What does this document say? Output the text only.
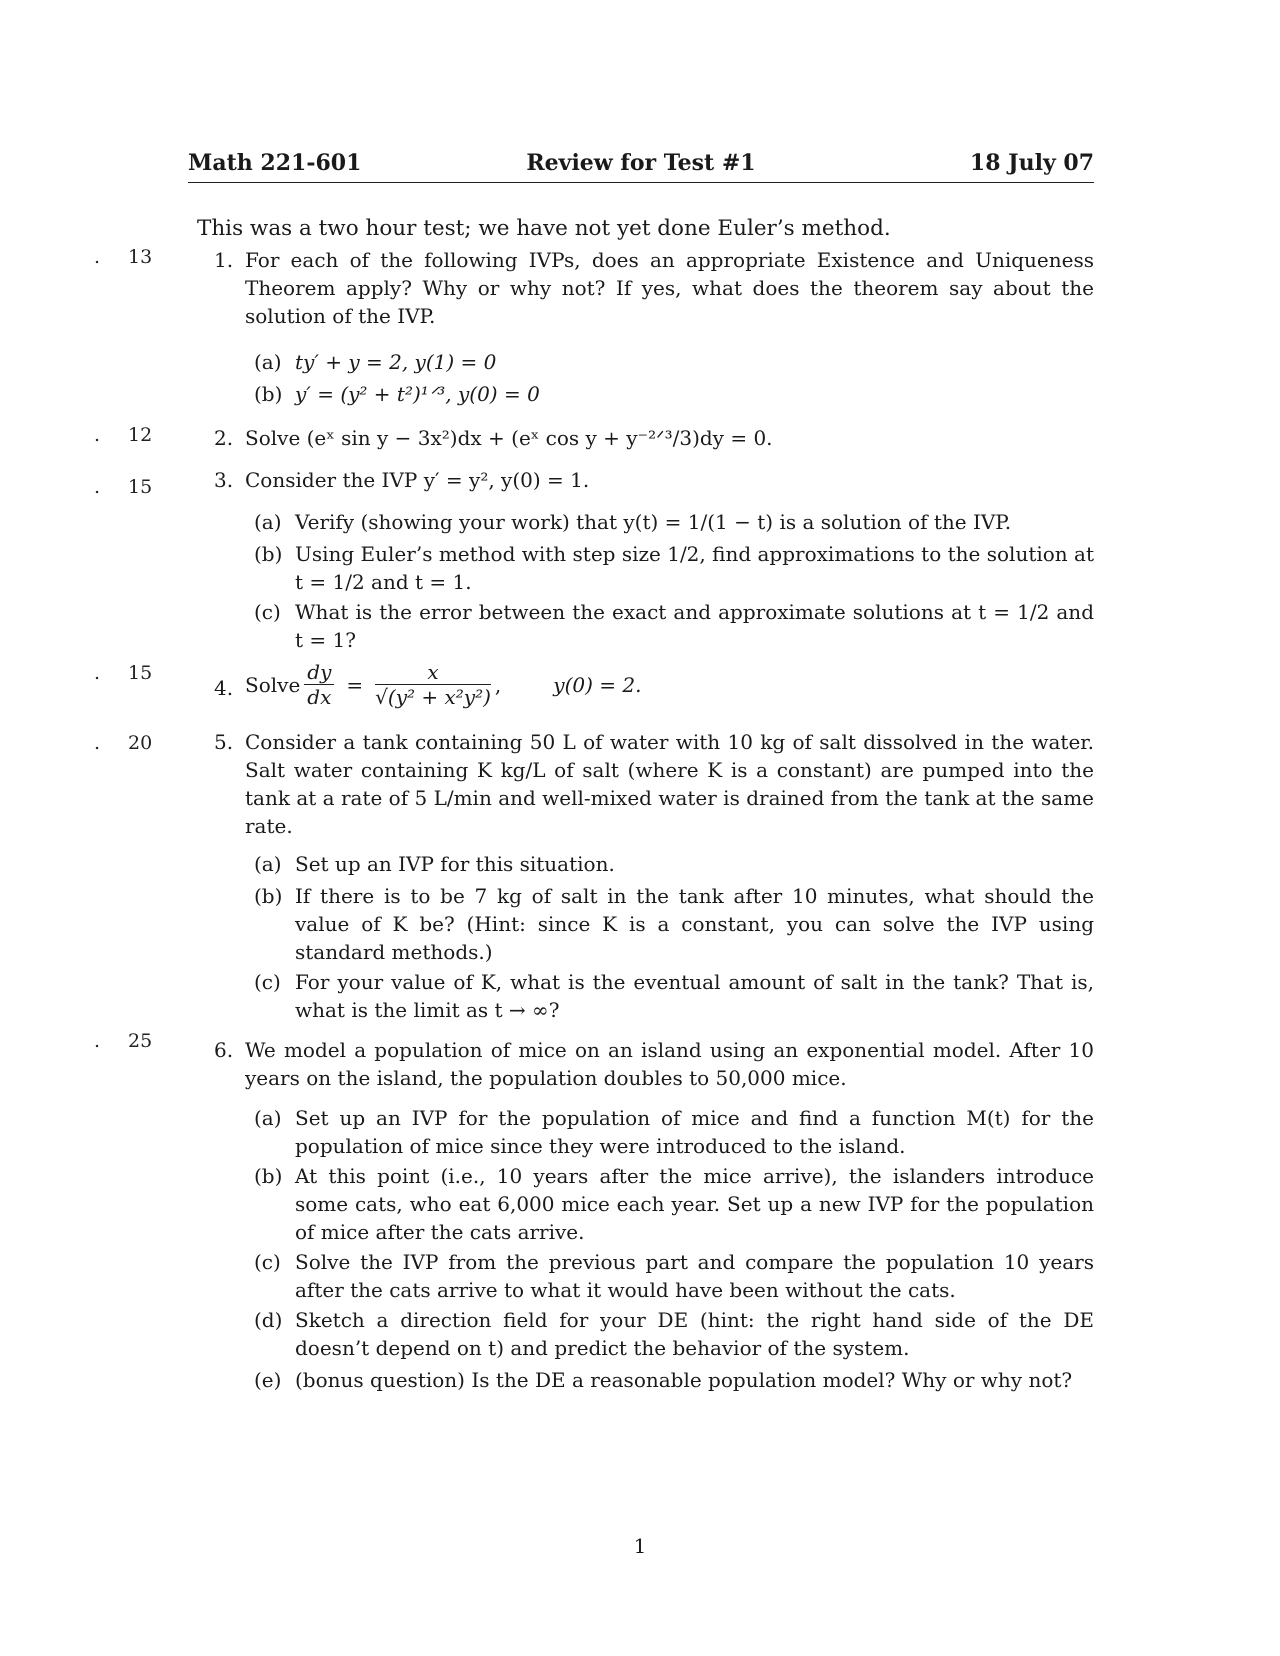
Math 221-601	Review for Test #1	18 July 07
This was a two hour test; we have not yet done Euler’s method.
. 13
. 12
. 15
. 15
. 20
. 25
1. For each of the following IVPs, does an appropriate Existence and Uniqueness Theorem apply? Why or why not? If yes, what does the theorem say about the solution of the IVP.
(a) ty′ + y = 2, y(1) = 0
(b) y′ = (y² + t²)¹ᐟ³, y(0) = 0
2. Solve (eˣ sin y − 3x²)dx + (eˣ cos y + y⁻²ᐟ³/3)dy = 0.
3. Consider the IVP y′ = y², y(0) = 1.
(a) Verify (showing your work) that y(t) = 1/(1 − t) is a solution of the IVP.
(b) Using Euler’s method with step size 1/2, find approximations to the solution at t = 1/2 and t = 1.
(c) What is the error between the exact and approximate solutions at t = 1/2 and t = 1?
4. Solve $\frac{dy}{dx} = \frac{x}{\text{√(y² + x²y²)}}$ ,	y(0) = 2.
5. Consider a tank containing 50 L of water with 10 kg of salt dissolved in the water. Salt water containing K kg/L of salt (where K is a constant) are pumped into the tank at a rate of 5 L/min and well-mixed water is drained from the tank at the same rate.
(a) Set up an IVP for this situation.
(b) If there is to be 7 kg of salt in the tank after 10 minutes, what should the value of K be? (Hint: since K is a constant, you can solve the IVP using standard methods.)
(c) For your value of K, what is the eventual amount of salt in the tank? That is, what is the limit as t → ∞?
6. We model a population of mice on an island using an exponential model. After 10 years on the island, the population doubles to 50,000 mice.
(a) Set up an IVP for the population of mice and find a function M(t) for the population of mice since they were introduced to the island.
(b) At this point (i.e., 10 years after the mice arrive), the islanders introduce some cats, who eat 6,000 mice each year. Set up a new IVP for the population of mice after the cats arrive.
(c) Solve the IVP from the previous part and compare the population 10 years after the cats arrive to what it would have been without the cats.
(d) Sketch a direction field for your DE (hint: the right hand side of the DE doesn’t depend on t) and predict the behavior of the system.
(e) (bonus question) Is the DE a reasonable population model? Why or why not?
1
